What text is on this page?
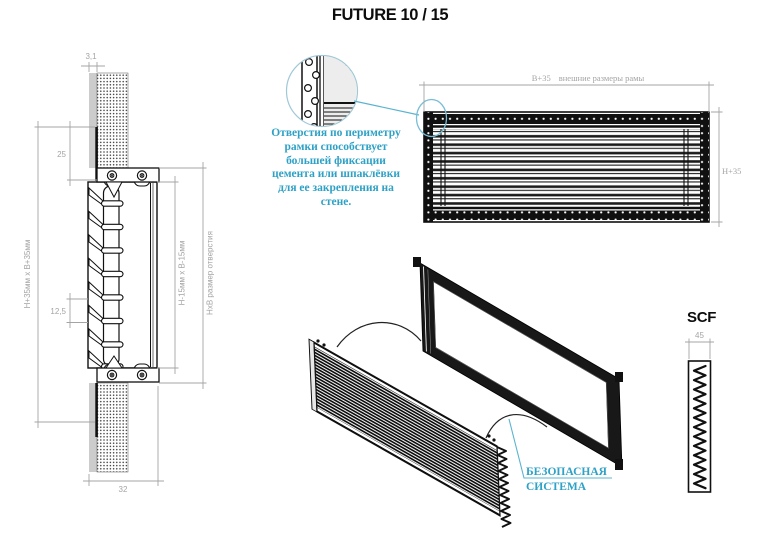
FUTURE 10 / 15
3,1
25
12,5
32
H+35мм x B+35мм	H-15мм x B-15мм HxB размер отверстия
B+35 внешние размеры рамы
H+35
БЕЗОПАСНАЯ
СИСТЕМА
SCF
45
Отверстия по периметру
рамки способствует
большей фиксации
цемента или шпаклёвки
для ее закрепления на
стене.
